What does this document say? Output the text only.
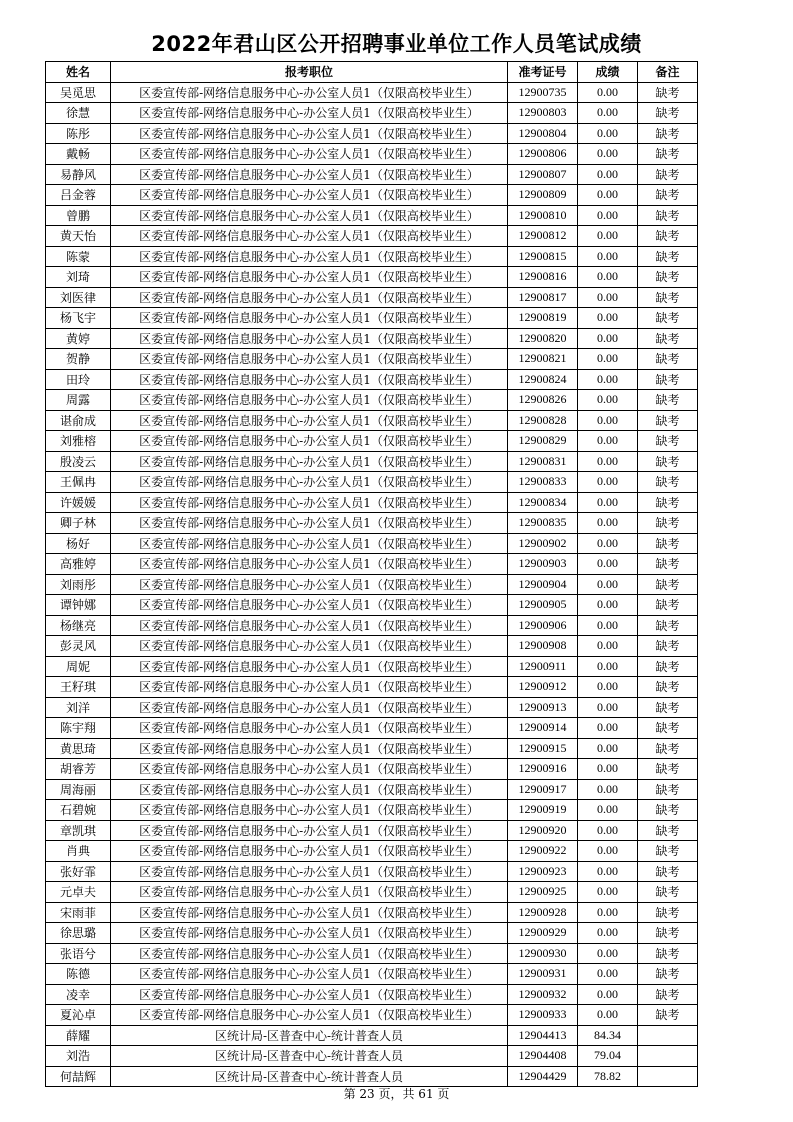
2022年君山区公开招聘事业单位工作人员笔试成绩
姓名	报考职位	准考证号	成绩	备注
吴觅思	区委宣传部-网络信息服务中心-办公室人员1（仅限高校毕业生）	12900735	0.00	缺考
徐慧	区委宣传部-网络信息服务中心-办公室人员1（仅限高校毕业生）	12900803	0.00	缺考
陈彤	区委宣传部-网络信息服务中心-办公室人员1（仅限高校毕业生）	12900804	0.00	缺考
戴畅	区委宣传部-网络信息服务中心-办公室人员1（仅限高校毕业生）	12900806	0.00	缺考
易静风	区委宣传部-网络信息服务中心-办公室人员1（仅限高校毕业生）	12900807	0.00	缺考
吕金蓉	区委宣传部-网络信息服务中心-办公室人员1（仅限高校毕业生）	12900809	0.00	缺考
曾鹏	区委宣传部-网络信息服务中心-办公室人员1（仅限高校毕业生）	12900810	0.00	缺考
黄天怡	区委宣传部-网络信息服务中心-办公室人员1（仅限高校毕业生）	12900812	0.00	缺考
陈蒙	区委宣传部-网络信息服务中心-办公室人员1（仅限高校毕业生）	12900815	0.00	缺考
刘琦	区委宣传部-网络信息服务中心-办公室人员1（仅限高校毕业生）	12900816	0.00	缺考
刘医律	区委宣传部-网络信息服务中心-办公室人员1（仅限高校毕业生）	12900817	0.00	缺考
杨飞宇	区委宣传部-网络信息服务中心-办公室人员1（仅限高校毕业生）	12900819	0.00	缺考
黄婷	区委宣传部-网络信息服务中心-办公室人员1（仅限高校毕业生）	12900820	0.00	缺考
贺静	区委宣传部-网络信息服务中心-办公室人员1（仅限高校毕业生）	12900821	0.00	缺考
田玲	区委宣传部-网络信息服务中心-办公室人员1（仅限高校毕业生）	12900824	0.00	缺考
周露	区委宣传部-网络信息服务中心-办公室人员1（仅限高校毕业生）	12900826	0.00	缺考
谌俞成	区委宣传部-网络信息服务中心-办公室人员1（仅限高校毕业生）	12900828	0.00	缺考
刘雅榕	区委宣传部-网络信息服务中心-办公室人员1（仅限高校毕业生）	12900829	0.00	缺考
殷凌云	区委宣传部-网络信息服务中心-办公室人员1（仅限高校毕业生）	12900831	0.00	缺考
王佩冉	区委宣传部-网络信息服务中心-办公室人员1（仅限高校毕业生）	12900833	0.00	缺考
许媛媛	区委宣传部-网络信息服务中心-办公室人员1（仅限高校毕业生）	12900834	0.00	缺考
卿子林	区委宣传部-网络信息服务中心-办公室人员1（仅限高校毕业生）	12900835	0.00	缺考
杨好	区委宣传部-网络信息服务中心-办公室人员1（仅限高校毕业生）	12900902	0.00	缺考
高雅婷	区委宣传部-网络信息服务中心-办公室人员1（仅限高校毕业生）	12900903	0.00	缺考
刘雨彤	区委宣传部-网络信息服务中心-办公室人员1（仅限高校毕业生）	12900904	0.00	缺考
谭钟娜	区委宣传部-网络信息服务中心-办公室人员1（仅限高校毕业生）	12900905	0.00	缺考
杨继亮	区委宣传部-网络信息服务中心-办公室人员1（仅限高校毕业生）	12900906	0.00	缺考
彭灵风	区委宣传部-网络信息服务中心-办公室人员1（仅限高校毕业生）	12900908	0.00	缺考
周妮	区委宣传部-网络信息服务中心-办公室人员1（仅限高校毕业生）	12900911	0.00	缺考
王籽琪	区委宣传部-网络信息服务中心-办公室人员1（仅限高校毕业生）	12900912	0.00	缺考
刘洋	区委宣传部-网络信息服务中心-办公室人员1（仅限高校毕业生）	12900913	0.00	缺考
陈宇翔	区委宣传部-网络信息服务中心-办公室人员1（仅限高校毕业生）	12900914	0.00	缺考
黄思琦	区委宣传部-网络信息服务中心-办公室人员1（仅限高校毕业生）	12900915	0.00	缺考
胡睿芳	区委宣传部-网络信息服务中心-办公室人员1（仅限高校毕业生）	12900916	0.00	缺考
周海丽	区委宣传部-网络信息服务中心-办公室人员1（仅限高校毕业生）	12900917	0.00	缺考
石碧婉	区委宣传部-网络信息服务中心-办公室人员1（仅限高校毕业生）	12900919	0.00	缺考
章凯琪	区委宣传部-网络信息服务中心-办公室人员1（仅限高校毕业生）	12900920	0.00	缺考
肖典	区委宣传部-网络信息服务中心-办公室人员1（仅限高校毕业生）	12900922	0.00	缺考
张好霏	区委宣传部-网络信息服务中心-办公室人员1（仅限高校毕业生）	12900923	0.00	缺考
元卓夫	区委宣传部-网络信息服务中心-办公室人员1（仅限高校毕业生）	12900925	0.00	缺考
宋雨菲	区委宣传部-网络信息服务中心-办公室人员1（仅限高校毕业生）	12900928	0.00	缺考
徐思璐	区委宣传部-网络信息服务中心-办公室人员1（仅限高校毕业生）	12900929	0.00	缺考
张语兮	区委宣传部-网络信息服务中心-办公室人员1（仅限高校毕业生）	12900930	0.00	缺考
陈德	区委宣传部-网络信息服务中心-办公室人员1（仅限高校毕业生）	12900931	0.00	缺考
凌幸	区委宣传部-网络信息服务中心-办公室人员1（仅限高校毕业生）	12900932	0.00	缺考
夏沁卓	区委宣传部-网络信息服务中心-办公室人员1（仅限高校毕业生）	12900933	0.00	缺考
薛耀	区统计局-区普查中心-统计普查人员	12904413	84.34	
刘浩	区统计局-区普查中心-统计普查人员	12904408	79.04	
何喆辉	区统计局-区普查中心-统计普查人员	12904429	78.82	
第 23 页，共 61 页
